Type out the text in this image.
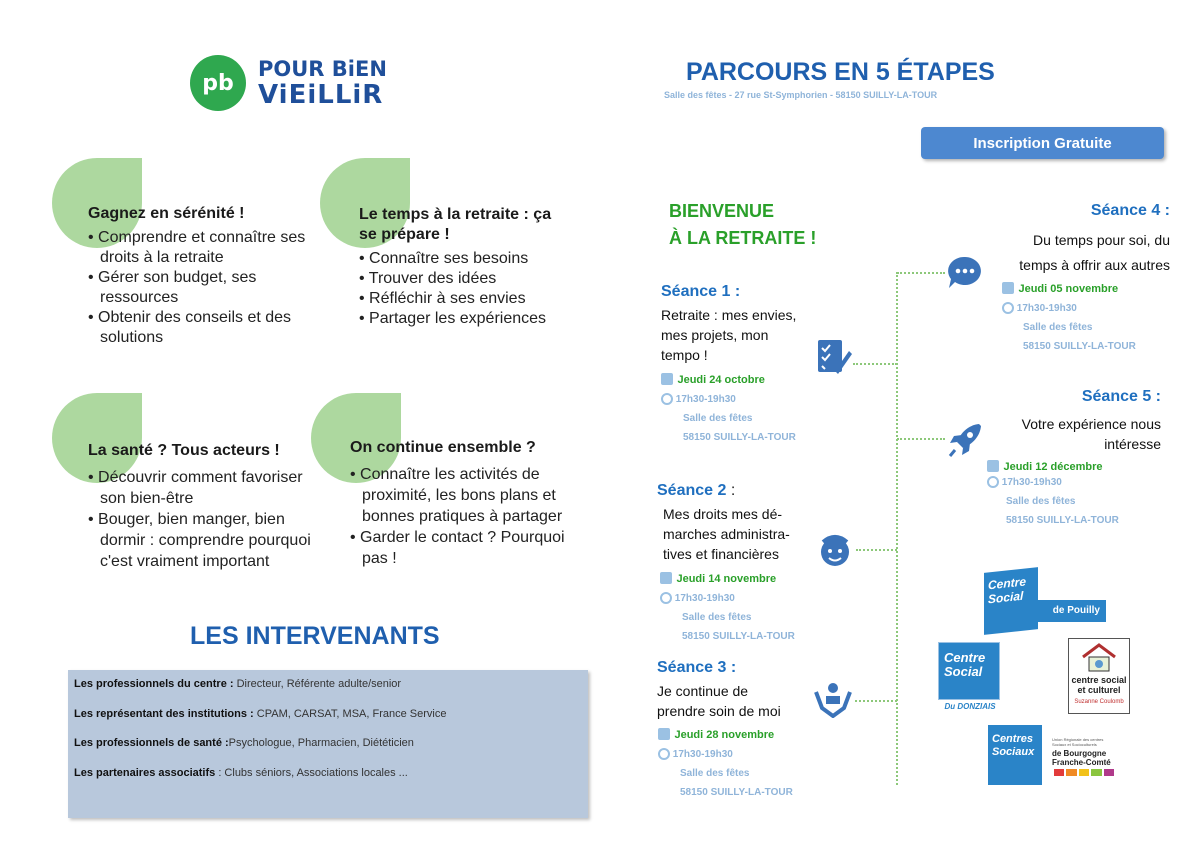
pb
POUR BiEN
ViEiLLiR
Gagnez en sérénité !
• Comprendre et connaître ses droits à la retraite
• Gérer son budget, ses ressources
• Obtenir des conseils et des solutions
Le temps à la retraite : ça se prépare !
• Connaître ses besoins
• Trouver des idées
• Réfléchir à ses envies
• Partager les expériences
La santé ? Tous acteurs !
• Découvrir comment favoriser son bien-être
• Bouger, bien manger, bien dormir : comprendre pourquoi c'est vraiment important
On continue ensemble ?
• Connaître les activités de proximité, les bons plans et bonnes pratiques à partager
• Garder le contact ? Pourquoi pas !
LES INTERVENANTS
Les professionnels du centre : Directeur, Référente adulte/senior
Les représentant des institutions : CPAM, CARSAT, MSA, France Service
Les professionnels de santé :Psychologue, Pharmacien, Diététicien
Les partenaires associatifs : Clubs séniors, Associations locales ...
PARCOURS EN 5 ÉTAPES
Salle des fêtes - 27 rue St-Symphorien - 58150 SUILLY-LA-TOUR
Inscription Gratuite
BIENVENUE
À LA RETRAITE !
Séance 1 :
Retraite : mes envies,
mes projets, mon
tempo !
Jeudi 24 octobre
17h30-19h30
Salle des fêtes
58150 SUILLY-LA-TOUR
Séance 2 :
Mes droits mes dé-
marches administra-
tives et financières
Jeudi 14 novembre
17h30-19h30
Salle des fêtes
58150 SUILLY-LA-TOUR
Séance 3 :
Je continue de
prendre soin de moi
Jeudi 28 novembre
17h30-19h30
Salle des fêtes
58150 SUILLY-LA-TOUR
Séance 4 :
Du temps pour soi, du
temps à offrir aux autres
Jeudi 05 novembre
17h30-19h30
Salle des fêtes
58150 SUILLY-LA-TOUR
Séance 5 :
Votre expérience nous
intéresse
Jeudi 12 décembre
17h30-19h30
Salle des fêtes
58150 SUILLY-LA-TOUR
Centre
Social
de Pouilly
Centre
Social
Du DONZIAIS
centre social
et culturel
Suzanne Coulomb
Centres Sociaux
Union Régionale des centres Sociaux et Socioculturels
de Bourgogne
Franche-Comté
